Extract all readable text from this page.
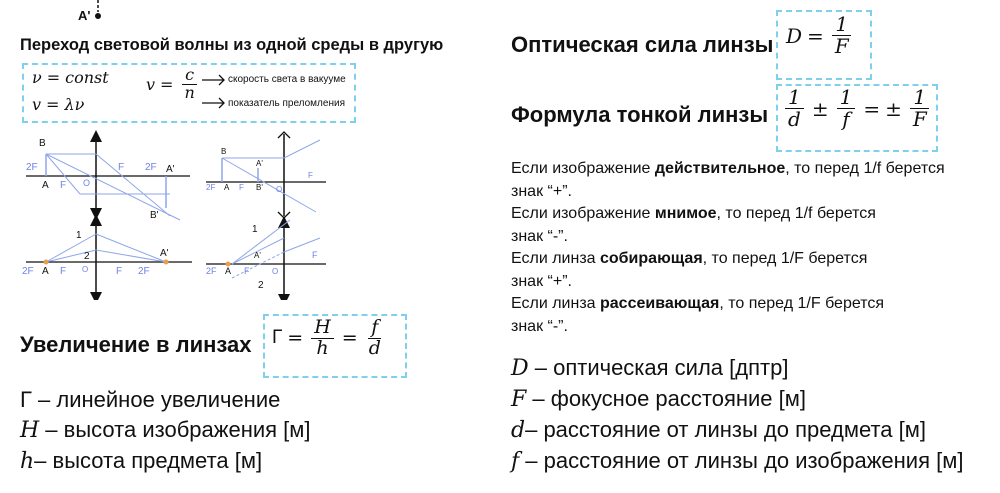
A'
Переход световой волны из одной среды в другую
ν = const
v = λν
$v = \frac{c}{n}$	скорость света в вакууме
показатель преломления
B
2F
A F O
F 2F A'
B'
B
A'
2F A	B'
F
F
O
1
2
2F A F O	F 2F
A'
1
A'
2F A F	O
F
2
Увеличение в линзах $Г = \frac{H}{h} = \frac{f}{d}$
Г – линейное увеличение
H – высота изображения [м]
h– высота предмета [м]
Оптическая сила линзы $D = \frac{1}{F}$
Формула тонкой линзы $\frac{1}{d} \pm \frac{1}{f}$ = ± $\frac{1}{F}$

Если изображение действительное, то перед 1/f берется

знак “+”.

Если изображение мнимое, то перед 1/f берется

знак “-”.

Если линза собирающая, то перед 1/F берется

знак “+”.

Если линза рассеивающая, то перед 1/F берется

знак “-”.

D – оптическая сила [дптр]
F – фокусное расстояние [м]
d– расстояние от линзы до предмета [м]
f – расстояние от линзы до изображения [м]
